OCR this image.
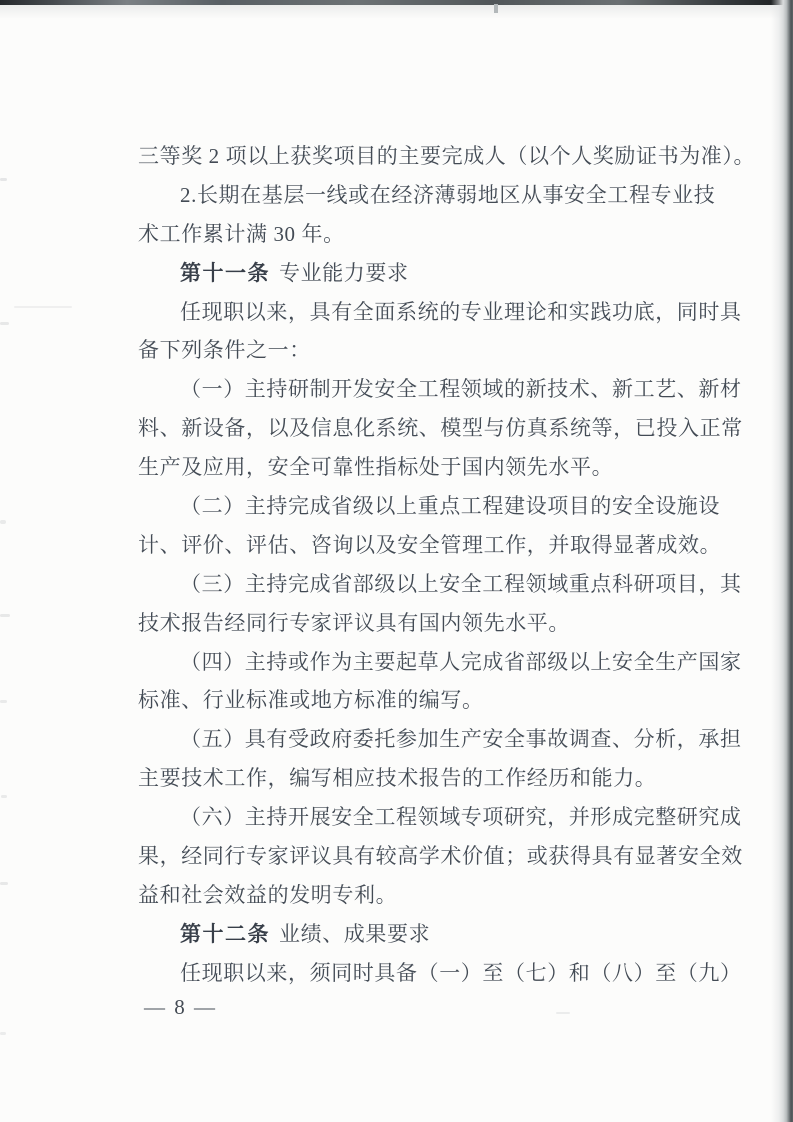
三等奖 2 项以上获奖项目的主要完成人（以个人奖励证书为准）。
2.长期在基层一线或在经济薄弱地区从事安全工程专业技
术工作累计满 30 年。
第十一条 专业能力要求
任现职以来，具有全面系统的专业理论和实践功底，同时具
备下列条件之一：
（一）主持研制开发安全工程领域的新技术、新工艺、新材
料、新设备，以及信息化系统、模型与仿真系统等，已投入正常
生产及应用，安全可靠性指标处于国内领先水平。
（二）主持完成省级以上重点工程建设项目的安全设施设
计、评价、评估、咨询以及安全管理工作，并取得显著成效。
（三）主持完成省部级以上安全工程领域重点科研项目，其
技术报告经同行专家评议具有国内领先水平。
（四）主持或作为主要起草人完成省部级以上安全生产国家
标准、行业标准或地方标准的编写。
（五）具有受政府委托参加生产安全事故调查、分析，承担
主要技术工作，编写相应技术报告的工作经历和能力。
（六）主持开展安全工程领域专项研究，并形成完整研究成
果，经同行专家评议具有较高学术价值；或获得具有显著安全效
益和社会效益的发明专利。
第十二条 业绩、成果要求
任现职以来，须同时具备（一）至（七）和（八）至（九）
— 8 —
